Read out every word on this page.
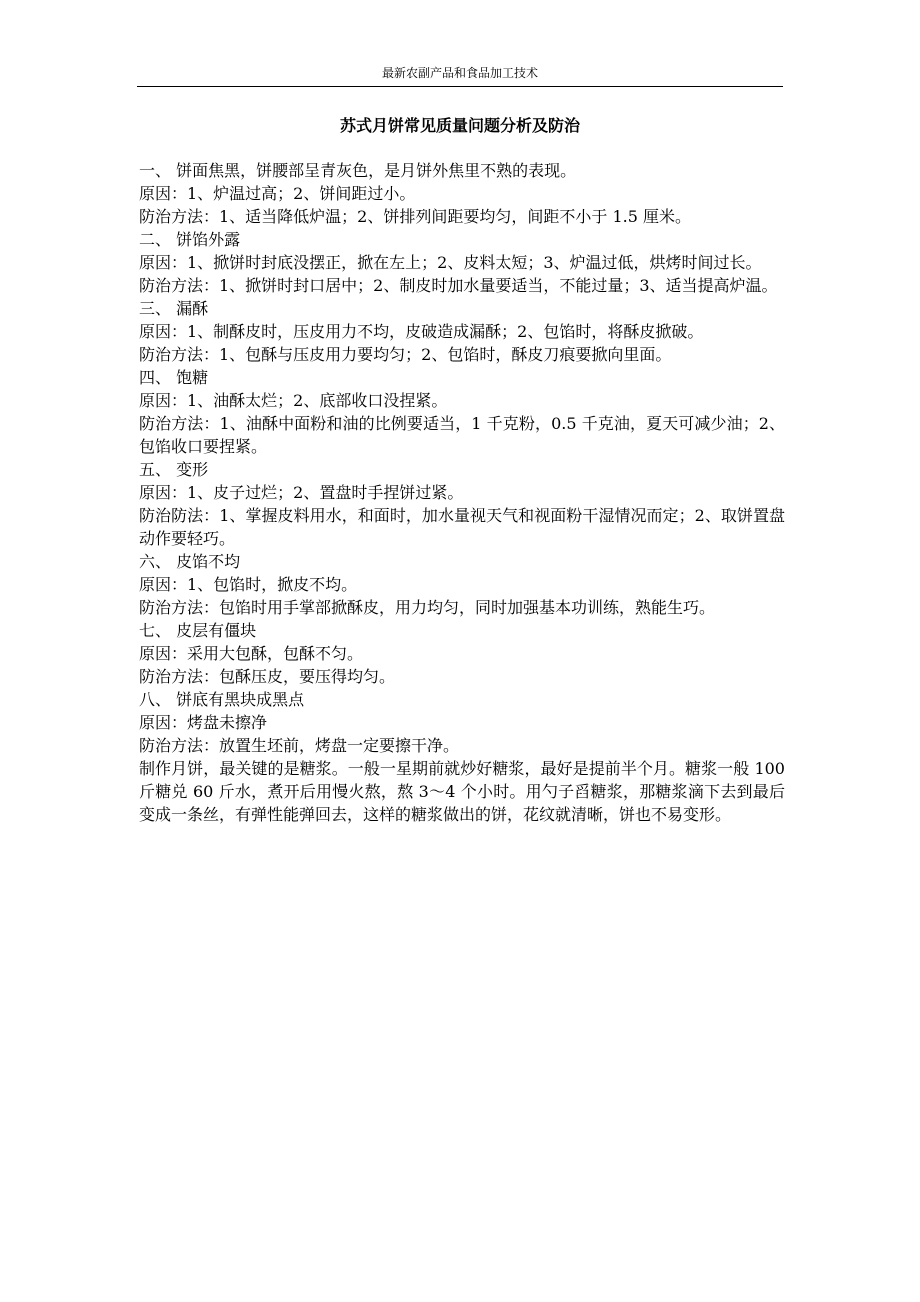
最新农副产品和食品加工技术
苏式月饼常见质量问题分析及防治

一、 饼面焦黑，饼腰部呈青灰色，是月饼外焦里不熟的表现。

原因：1、炉温过高；2、饼间距过小。

防治方法：1、适当降低炉温；2、饼排列间距要均匀，间距不小于 1.5 厘米。

二、 饼馅外露

原因：1、掀饼时封底没摆正，掀在左上；2、皮料太短；3、炉温过低，烘烤时间过长。

防治方法：1、掀饼时封口居中；2、制皮时加水量要适当，不能过量；3、适当提高炉温。

三、 漏酥

原因：1、制酥皮时，压皮用力不均，皮破造成漏酥；2、包馅时，将酥皮掀破。

防治方法：1、包酥与压皮用力要均匀；2、包馅时，酥皮刀痕要掀向里面。

四、 饱糖

原因：1、油酥太烂；2、底部收口没捏紧。

防治方法：1、油酥中面粉和油的比例要适当，1 千克粉，0.5 千克油，夏天可减少油；2、包馅收口要捏紧。

五、 变形

原因：1、皮子过烂；2、置盘时手捏饼过紧。

防治防法：1、掌握皮料用水，和面时，加水量视天气和视面粉干湿情况而定；2、取饼置盘动作要轻巧。

六、 皮馅不均

原因：1、包馅时，掀皮不均。

防治方法：包馅时用手掌部掀酥皮，用力均匀，同时加强基本功训练，熟能生巧。

七、 皮层有僵块

原因：采用大包酥，包酥不匀。

防治方法：包酥压皮，要压得均匀。

八、 饼底有黑块成黑点

原因：烤盘未擦净

防治方法：放置生坯前，烤盘一定要擦干净。

制作月饼，最关键的是糖浆。一般一星期前就炒好糖浆，最好是提前半个月。糖浆一般 100 斤糖兑 60 斤水，煮开后用慢火熬，熬 3～4 个小时。用勺子舀糖浆，那糖浆滴下去到最后变成一条丝，有弹性能弹回去，这样的糖浆做出的饼，花纹就清晰，饼也不易变形。
